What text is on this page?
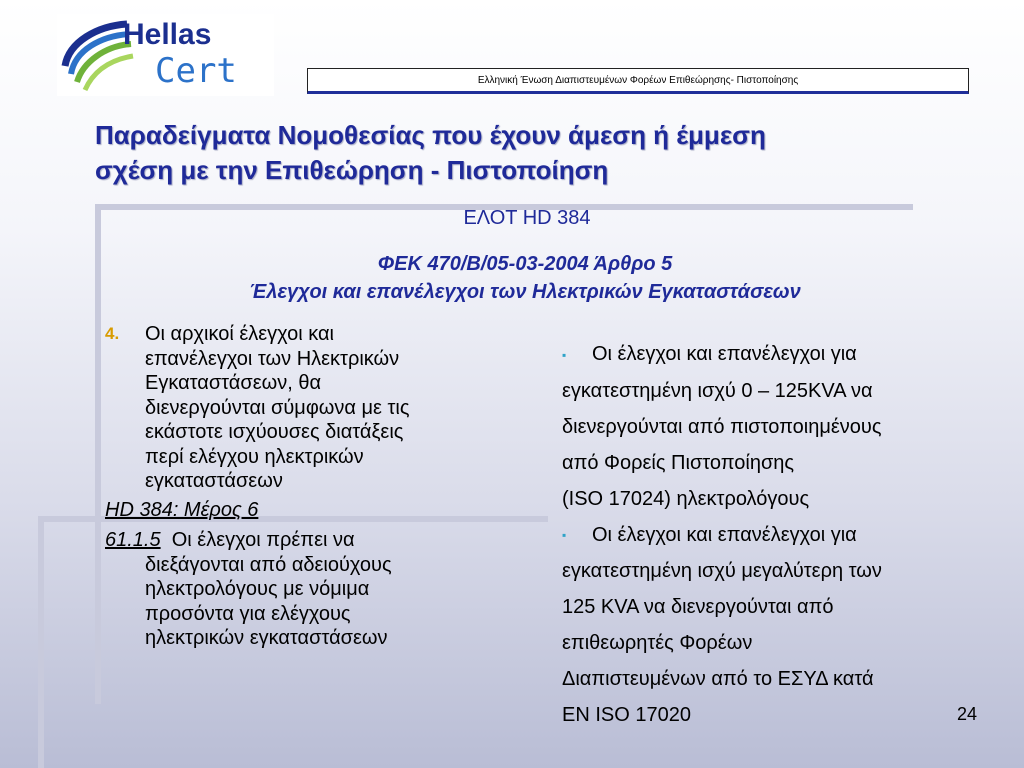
Hellas
Cert	Ελληνική Ένωση Διαπιστευμένων Φορέων Επιθεώρησης- Πιστοποίησης
Παραδείγματα Νομοθεσίας που έχουν άμεση ή έμμεση
σχέση με την Επιθεώρηση - Πιστοποίηση
ΕΛΟΤ HD 384
ΦΕΚ 470/Β/05-03-2004 Άρθρο 5
Έλεγχοι και επανέλεγχοι των Ηλεκτρικών Εγκαταστάσεων
4.	Οι αρχικοί έλεγχοι και
επανέλεγχοι των Ηλεκτρικών
Εγκαταστάσεων, θα
διενεργούνται σύμφωνα με τις
εκάστοτε ισχύουσες διατάξεις
περί ελέγχου ηλεκτρικών
εγκαταστάσεων
HD 384: Μέρος 6
61.1.5 Οι έλεγχοι πρέπει να
διεξάγονται από αδειούχους
ηλεκτρολόγους με νόμιμα
προσόντα για ελέγχους
ηλεκτρικών εγκαταστάσεων
▪ Οι έλεγχοι και επανέλεγχοι για
εγκατεστημένη ισχύ 0 – 125KVA να
διενεργούνται από πιστοποιημένους
από Φορείς Πιστοποίησης
(ISO 17024) ηλεκτρολόγους
▪ Οι έλεγχοι και επανέλεγχοι για
εγκατεστημένη ισχύ μεγαλύτερη των
125 KVA να διενεργούνται από
επιθεωρητές Φορέων
Διαπιστευμένων από το ΕΣΥΔ κατά
EN ISO 17020	24
